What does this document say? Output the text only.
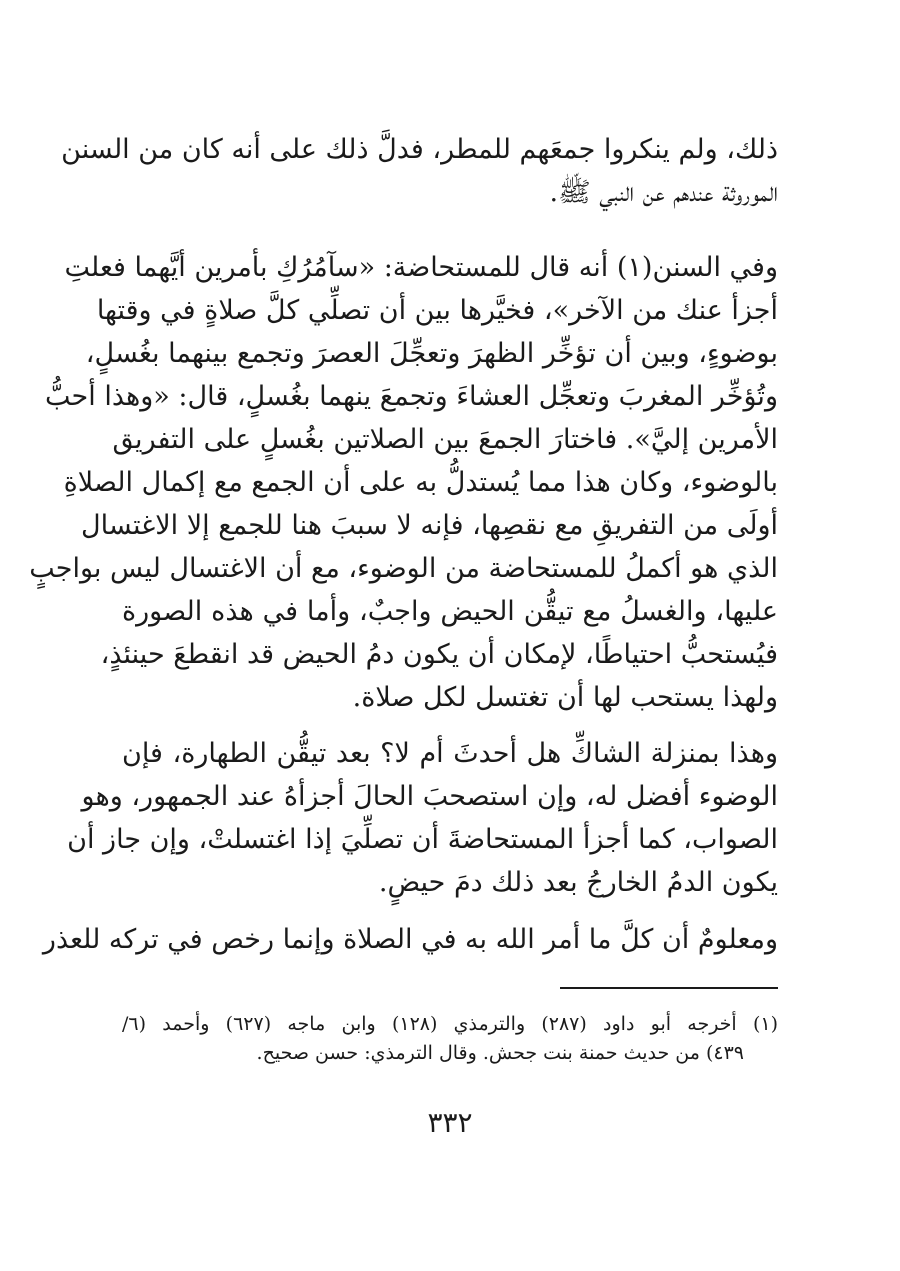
ذلك، ولم ينكروا جمعَهم للمطر، فدلَّ ذلك على أنه كان من السنن
الموروثة عندهم عن النبي ﷺ.
وفي السنن(١) أنه قال للمستحاضة: «سآمُرُكِ بأمرين أيَّهما فعلتِ
أجزأ عنك من الآخر»، فخيَّرها بين أن تصلِّي كلَّ صلاةٍ في وقتها
بوضوءٍ، وبين أن تؤخِّر الظهرَ وتعجِّلَ العصرَ وتجمع بينهما بغُسلٍ،
وتُؤخِّر المغربَ وتعجِّل العشاءَ وتجمعَ ينهما بغُسلٍ، قال: «وهذا أحبُّ
الأمرين إليَّ». فاختارَ الجمعَ بين الصلاتين بغُسلٍ على التفريق
بالوضوء، وكان هذا مما يُستدلُّ به على أن الجمع مع إكمال الصلاةِ
أولَى من التفريقِ مع نقصِها، فإنه لا سببَ هنا للجمع إلا الاغتسال
الذي هو أكملُ للمستحاضة من الوضوء، مع أن الاغتسال ليس بواجبٍ
عليها، والغسلُ مع تيقُّن الحيض واجبٌ، وأما في هذه الصورة
فيُستحبُّ احتياطًا، لإمكان أن يكون دمُ الحيض قد انقطعَ حينئذٍ،
ولهذا يستحب لها أن تغتسل لكل صلاة.
وهذا بمنزلة الشاكِّ هل أحدثَ أم لا؟ بعد تيقُّن الطهارة، فإن
الوضوء أفضل له، وإن استصحبَ الحالَ أجزأهُ عند الجمهور، وهو
الصواب، كما أجزأ المستحاضةَ أن تصلِّيَ إذا اغتسلتْ، وإن جاز أن
يكون الدمُ الخارجُ بعد ذلك دمَ حيضٍ.
ومعلومٌ أن كلَّ ما أمر الله به في الصلاة وإنما رخص في تركه للعذر
(١) أخرجه أبو داود (٢٨٧) والترمذي (١٢٨) وابن ماجه (٦٢٧) وأحمد (٦/
٤٣٩) من حديث حمنة بنت جحش. وقال الترمذي: حسن صحيح.
٣٣٢
